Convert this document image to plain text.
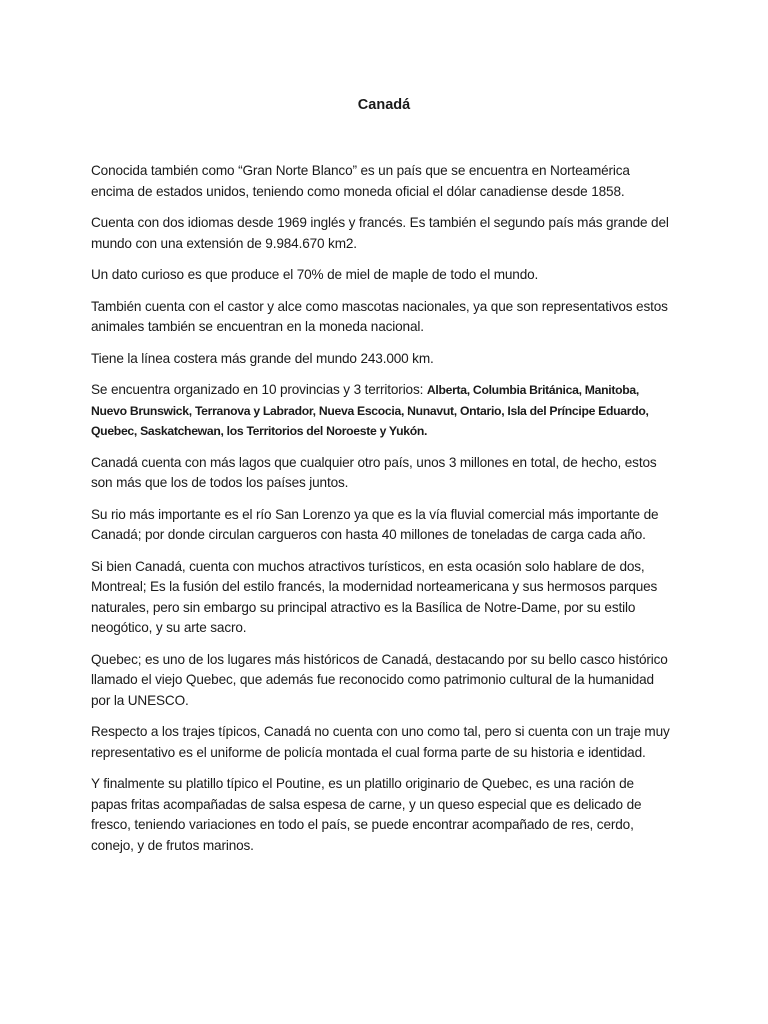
Canadá

Conocida también como “Gran Norte Blanco” es un país que se encuentra en Norteamérica encima de estados unidos, teniendo como moneda oficial el dólar canadiense desde 1858.

Cuenta con dos idiomas desde 1969 inglés y francés. Es también el segundo país más grande del mundo con una extensión de 9.984.670 km2.

Un dato curioso es que produce el 70% de miel de maple de todo el mundo.

También cuenta con el castor y alce como mascotas nacionales, ya que son representativos estos animales también se encuentran en la moneda nacional.

Tiene la línea costera más grande del mundo 243.000 km.

Se encuentra organizado en 10 provincias y 3 territorios: Alberta, Columbia Británica, Manitoba, Nuevo Brunswick, Terranova y Labrador, Nueva Escocia, Nunavut, Ontario, Isla del Príncipe Eduardo, Quebec, Saskatchewan, los Territorios del Noroeste y Yukón.

Canadá cuenta con más lagos que cualquier otro país, unos 3 millones en total, de hecho, estos son más que los de todos los países juntos.

Su rio más importante es el río San Lorenzo ya que es la vía fluvial comercial más importante de Canadá; por donde circulan cargueros con hasta 40 millones de toneladas de carga cada año.

Si bien Canadá, cuenta con muchos atractivos turísticos, en esta ocasión solo hablare de dos, Montreal; Es la fusión del estilo francés, la modernidad norteamericana y sus hermosos parques naturales, pero sin embargo su principal atractivo es la Basílica de Notre-Dame, por su estilo neogótico, y su arte sacro.

Quebec; es uno de los lugares más históricos de Canadá, destacando por su bello casco histórico llamado el viejo Quebec, que además fue reconocido como patrimonio cultural de la humanidad por la UNESCO.

Respecto a los trajes típicos, Canadá no cuenta con uno como tal, pero si cuenta con un traje muy representativo es el uniforme de policía montada el cual forma parte de su historia e identidad.

Y finalmente su platillo típico el Poutine, es un platillo originario de Quebec, es una ración de papas fritas acompañadas de salsa espesa de carne, y un queso especial que es delicado de fresco, teniendo variaciones en todo el país, se puede encontrar acompañado de res, cerdo, conejo, y de frutos marinos.
